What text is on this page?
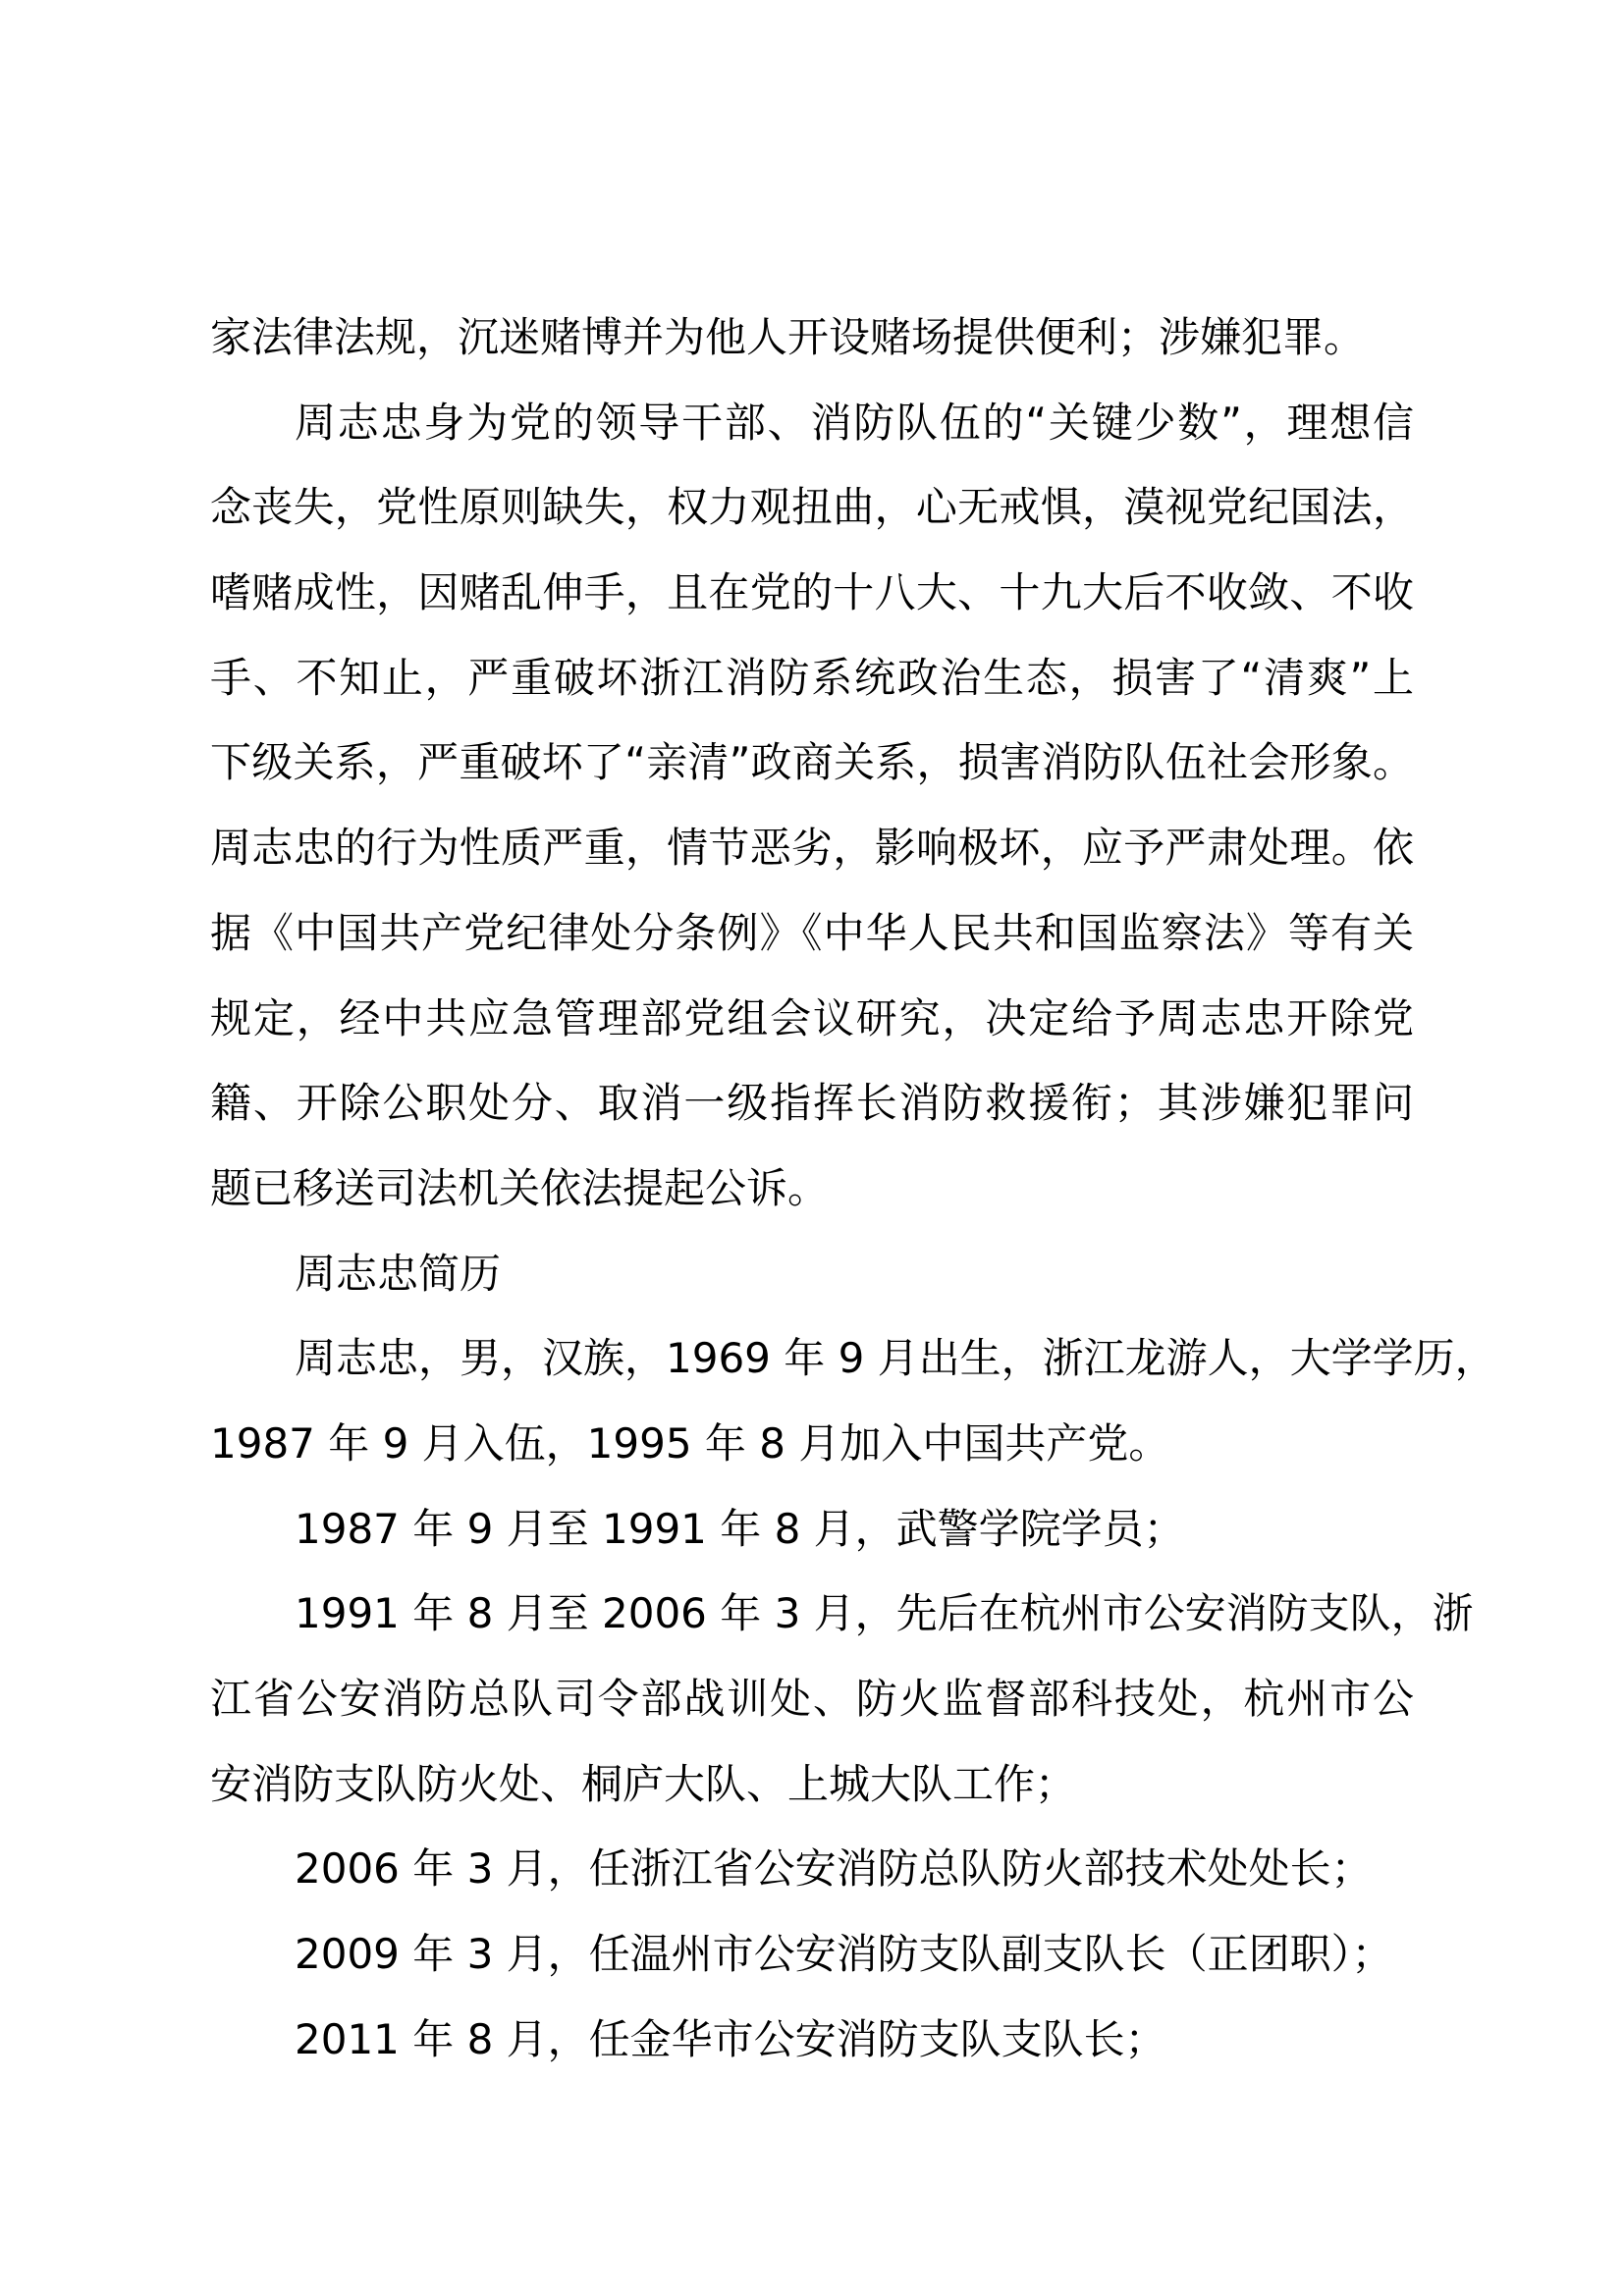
家法律法规，沉迷赌博并为他人开设赌场提供便利；涉嫌犯罪。
周志忠身为党的领导干部、消防队伍的“关键少数”，理想信
念丧失，党性原则缺失，权力观扭曲，心无戒惧，漠视党纪国法，
嗜赌成性，因赌乱伸手，且在党的十八大、十九大后不收敛、不收
手、不知止，严重破坏浙江消防系统政治生态，损害了“清爽”上
下级关系，严重破坏了“亲清”政商关系，损害消防队伍社会形象。
周志忠的行为性质严重，情节恶劣，影响极坏，应予严肃处理。依
据《中国共产党纪律处分条例》《中华人民共和国监察法》等有关
规定，经中共应急管理部党组会议研究，决定给予周志忠开除党
籍、开除公职处分、取消一级指挥长消防救援衔；其涉嫌犯罪问
题已移送司法机关依法提起公诉。
周志忠简历
周志忠，男，汉族，1969 年 9 月出生，浙江龙游人，大学学历，
1987 年 9 月入伍，1995 年 8 月加入中国共产党。
1987 年 9 月至 1991 年 8 月，武警学院学员；
1991 年 8 月至 2006 年 3 月，先后在杭州市公安消防支队，浙
江省公安消防总队司令部战训处、防火监督部科技处，杭州市公
安消防支队防火处、桐庐大队、上城大队工作；
2006 年 3 月，任浙江省公安消防总队防火部技术处处长；
2009 年 3 月，任温州市公安消防支队副支队长（正团职）；
2011 年 8 月，任金华市公安消防支队支队长；
